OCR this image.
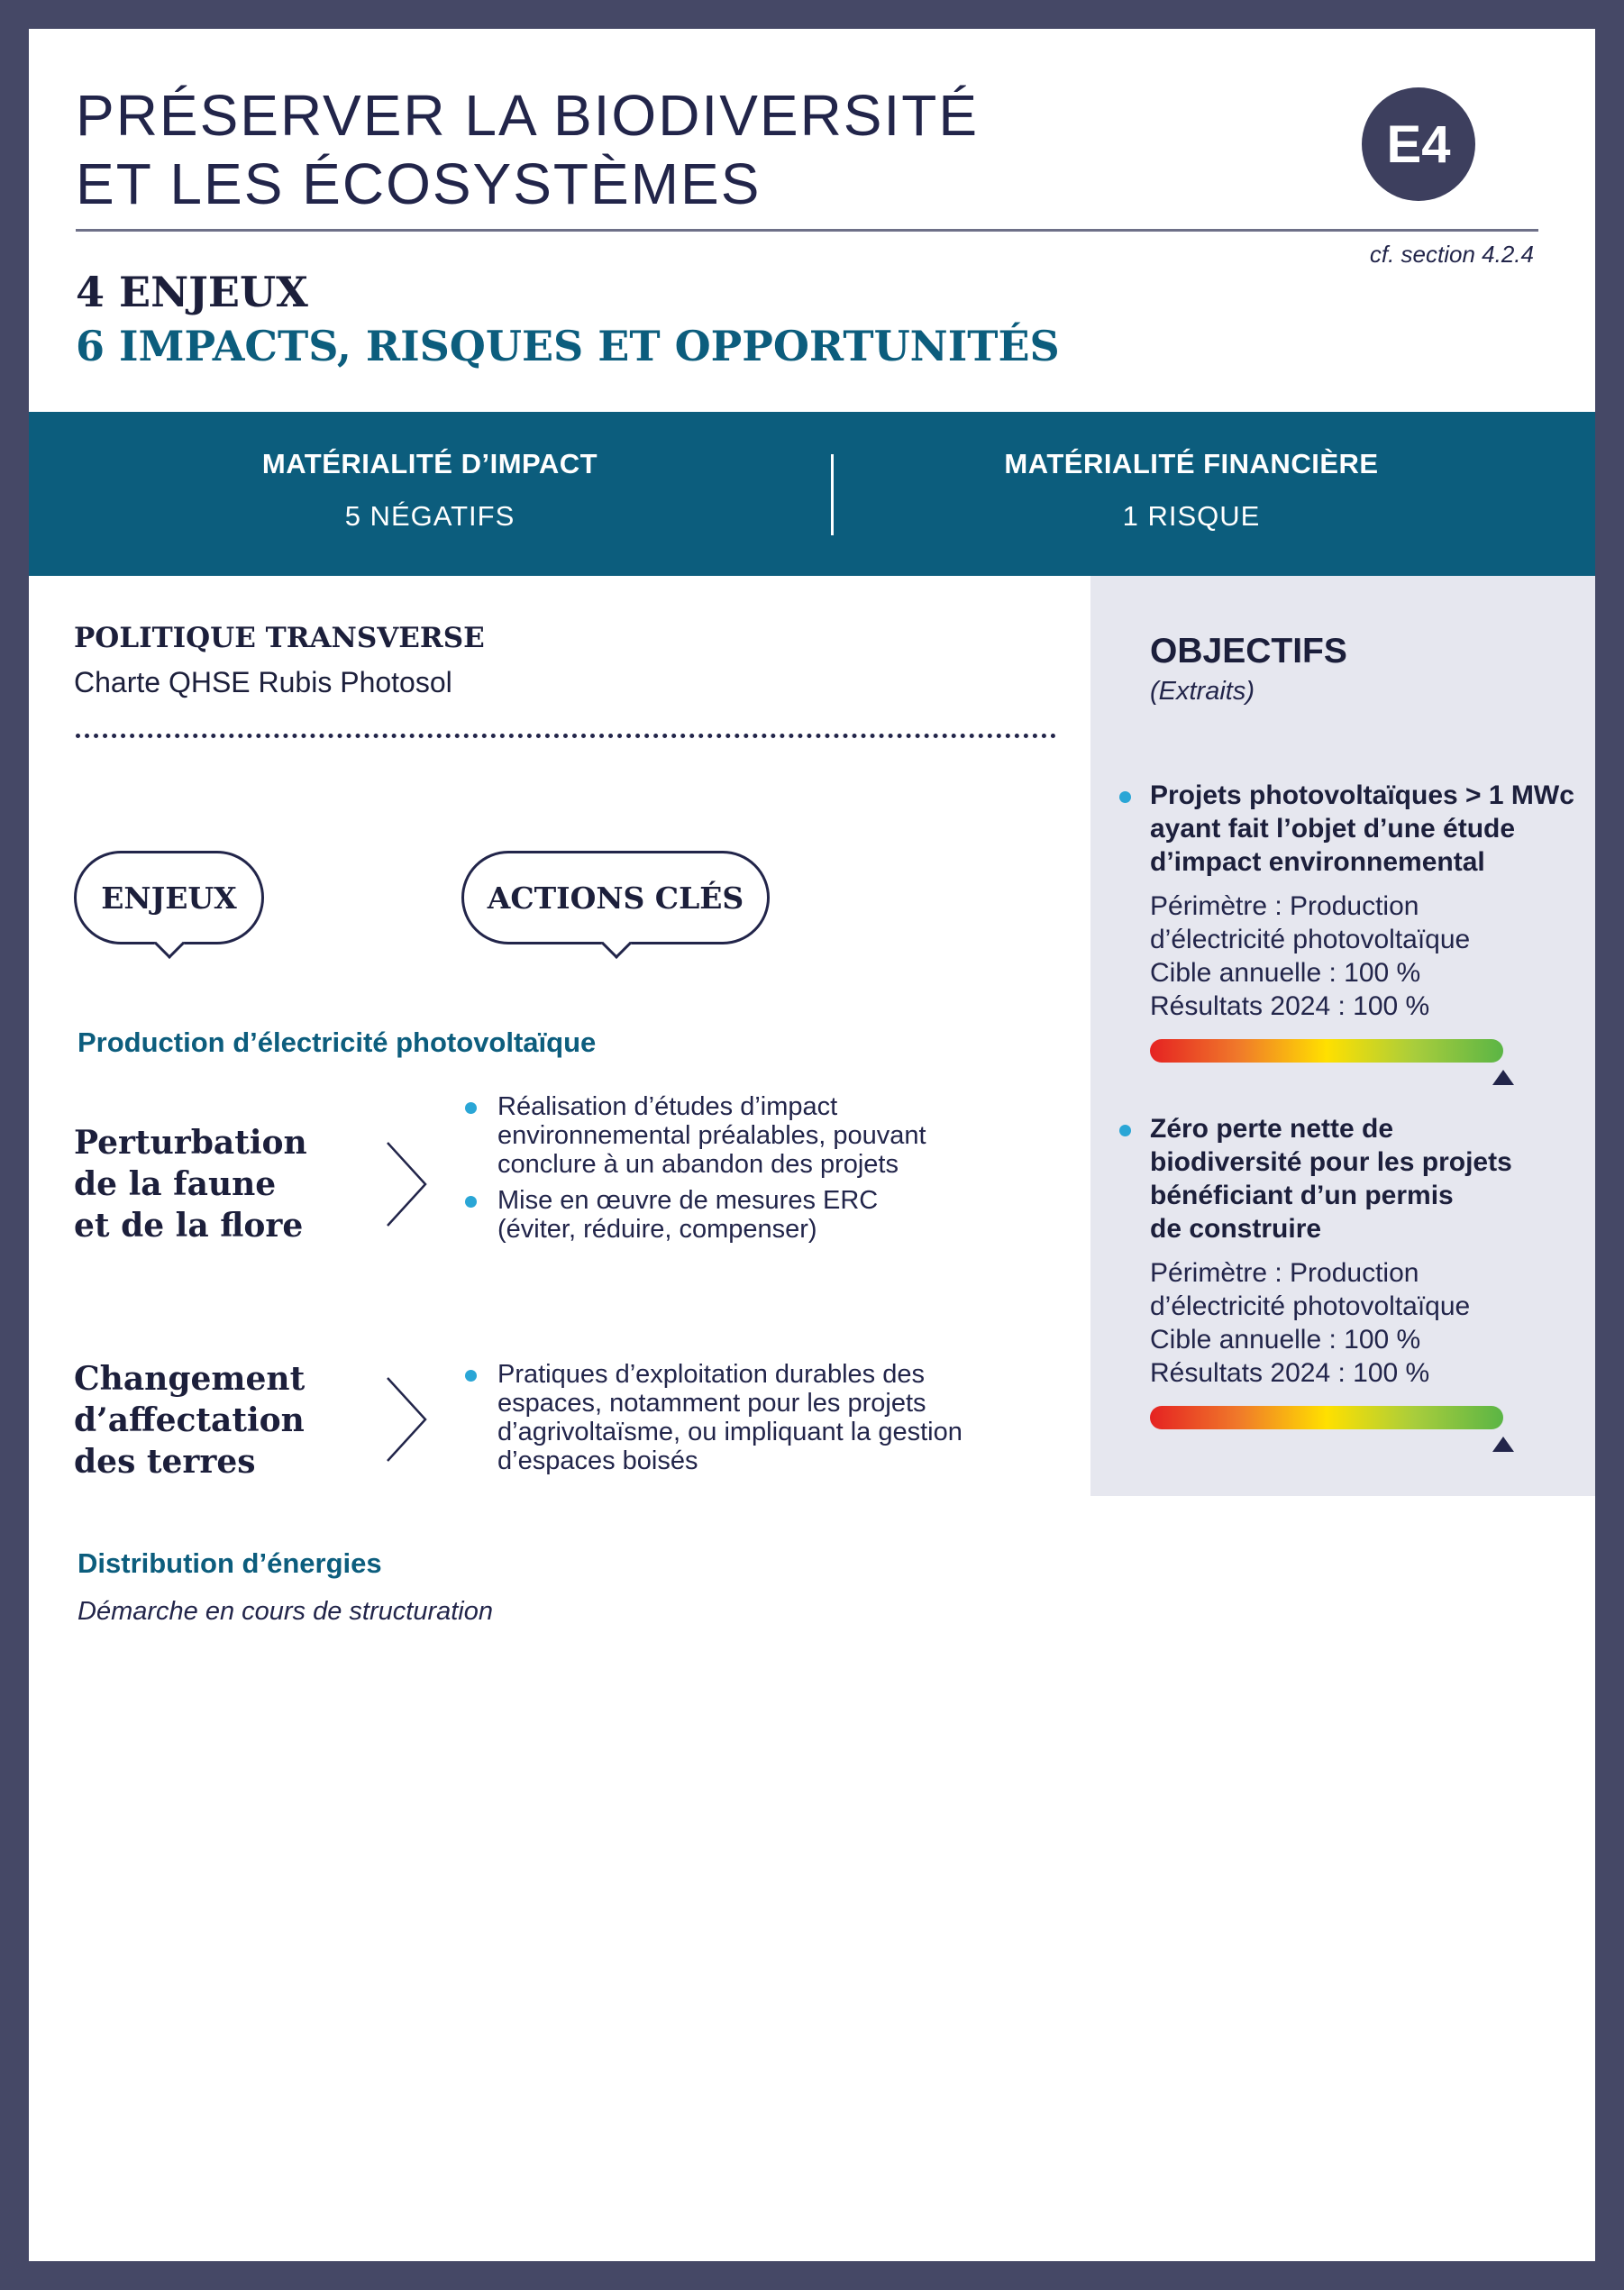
PRÉSERVER LA BIODIVERSITÉ
ET LES ÉCOSYSTÈMES
E4
cf. section 4.2.4
4 ENJEUX
6 IMPACTS, RISQUES ET OPPORTUNITÉS
MATÉRIALITÉ D’IMPACT
5 NÉGATIFS
MATÉRIALITÉ FINANCIÈRE
1 RISQUE
POLITIQUE TRANSVERSE
Charte QHSE Rubis Photosol
ENJEUX	ACTIONS CLÉS
Production d’électricité photovoltaïque
Perturbation
de la faune
et de la flore
Réalisation d’études d’impact
environnemental préalables, pouvant
conclure à un abandon des projets
Mise en œuvre de mesures ERC
(éviter, réduire, compenser)
Changement
d’affectation
des terres
Pratiques d’exploitation durables des
espaces, notamment pour les projets
d’agrivoltaïsme, ou impliquant la gestion
d’espaces boisés
Distribution d’énergies
Démarche en cours de structuration
OBJECTIFS
(Extraits)
Projets photovoltaïques > 1 MWc
ayant fait l’objet d’une étude
d’impact environnemental
Périmètre : Production
d’électricité photovoltaïque
Cible annuelle : 100 %
Résultats 2024 : 100 %
Zéro perte nette de
biodiversité pour les projets
bénéficiant d’un permis
de construire
Périmètre : Production
d’électricité photovoltaïque
Cible annuelle : 100 %
Résultats 2024 : 100 %
